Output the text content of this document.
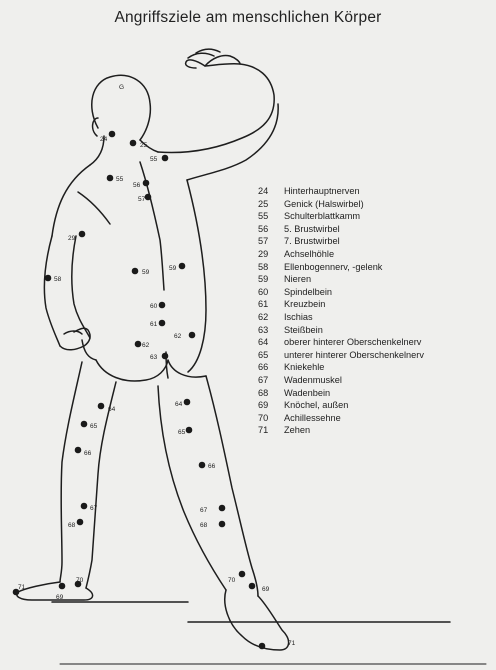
Angriffsziele am menschlichen Körper
G
24
25
55
55
56
57
29
58
59
59
60
61
62
62
63
64
64
65
65
66
66
67	67
68	68
69
69
70	70
71
71
24	Hinterhauptnerven
25	Genick (Halswirbel)
55	Schulterblattkamm
56	5. Brustwirbel
57	7. Brustwirbel
29	Achselhöhle
58	Ellenbogennerv, -gelenk
59	Nieren
60	Spindelbein
61	Kreuzbein
62	Ischias
63	Steißbein
64	oberer hinterer Oberschenkelnerv
65	unterer hinterer Oberschenkelnerv
66	Kniekehle
67	Wadenmuskel
68	Wadenbein
69	Knöchel, außen
70	Achillessehne
71	Zehen
